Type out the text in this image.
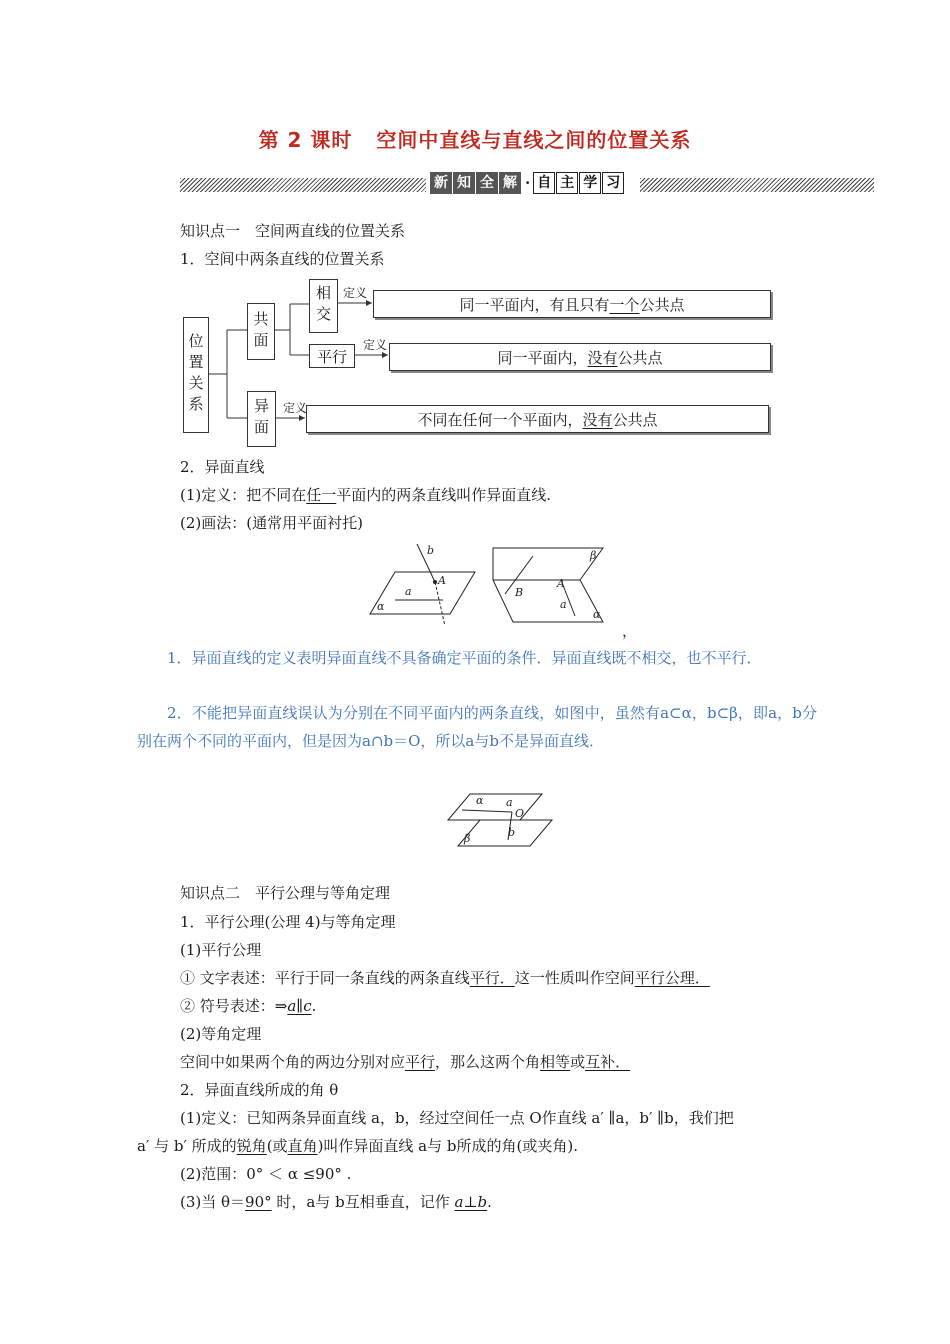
第 2 课时 空间中直线与直线之间的位置关系
新 知 全 解 · 自 主 学 习
知识点一　空间两直线的位置关系
1．空间中两条直线的位置关系
位置关系
共面
相交
平行
异面
定义
定义
定义
同一平面内，有且只有 一个 公共点
同一平面内， 没有 公共点
不同在任何一个平面内， 没有 公共点
2．异面直线
(1)定义：把不同在任一平面内的两条直线叫作异面直线.
(2)画法：(通常用平面衬托)
b
A
a
α
β
A
B
a
α
，

1．异面直线的定义表明异面直线不具备确定平面的条件．异面直线既不相交，也不平行．

2．不能把异面直线误认为分别在不同平面内的两条直线，如图中，虽然有a⊂α，b⊂β，即a，b分别在两个不同的平面内，但是因为a∩b＝O，所以a与b不是异面直线．

α a
O
β	b
知识点二　平行公理与等角定理
1．平行公理(公理 4)与等角定理
(1)平行公理
① 文字表述：平行于同一条直线的两条直线平行．这一性质叫作空间平行公理．
② 符号表述：⇒a∥c.
(2)等角定理
空间中如果两个角的两边分别对应平行，那么这两个角相等或互补．
2．异面直线所成的角 θ
(1)定义：已知两条异面直线 a，b，经过空间任一点 O作直线 a′ ∥a，b′ ∥b，我们把
a′ 与 b′ 所成的锐角(或直角)叫作异面直线 a与 b所成的角(或夹角).
(2)范围：0° ＜ α ≤90° .
(3)当 θ＝90° 时，a与 b互相垂直，记作 a⊥b.
